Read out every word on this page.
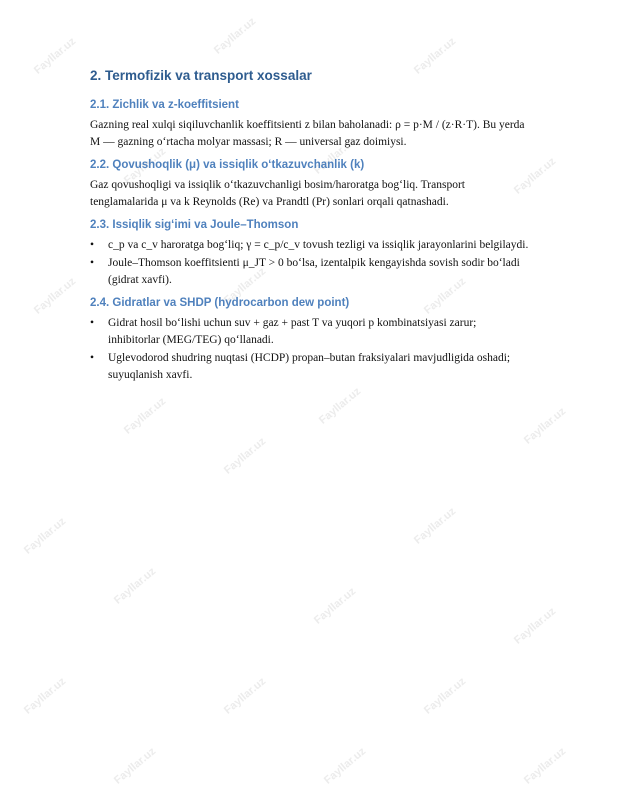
Fayllar.uz	Fayllar.uz	Fayllar.uz
Fayllar.uz	Fayllar.uz	Fayllar.uz
Fayllar.uz	Fayllar.uz	Fayllar.uz
Fayllar.uz	Fayllar.uz	Fayllar.uz
Fayllar.uz
Fayllar.uz
Fayllar.uz
Fayllar.uz	Fayllar.uz	Fayllar.uz
Fayllar.uz	Fayllar.uz	Fayllar.uz
Fayllar.uz	Fayllar.uz	Fayllar.uz
2. Termofizik va transport xossalar
2.1. Zichlik va z-koeffitsient

Gazning real xulqi siqiluvchanlik koeffitsienti z bilan baholanadi: ρ = p·M / (z·R·T). Bu yerda M — gazning oʻrtacha molyar massasi; R — universal gaz doimiysi.

2.2. Qovushoqlik (μ) va issiqlik oʻtkazuvchanlik (k)

Gaz qovushoqligi va issiqlik oʻtkazuvchanligi bosim/haroratga bogʻliq. Transport tenglamalarida μ va k Reynolds (Re) va Prandtl (Pr) sonlari orqali qatnashadi.

2.3. Issiqlik sigʻimi va Joule–Thomson
• c_p va c_v haroratga bogʻliq; γ = c_p/c_v tovush tezligi va issiqlik jarayonlarini belgilaydi.
• Joule–Thomson koeffitsienti μ_JT > 0 boʻlsa, izentalpik kengayishda sovish sodir boʻladi (gidrat xavfi).
2.4. Gidratlar va SHDP (hydrocarbon dew point)
• Gidrat hosil boʻlishi uchun suv + gaz + past T va yuqori p kombinatsiyasi zarur; inhibitorlar (MEG/TEG) qoʻllanadi.
• Uglevodorod shudring nuqtasi (HCDP) propan–butan fraksiyalari mavjudligida oshadi; suyuqlanish xavfi.
